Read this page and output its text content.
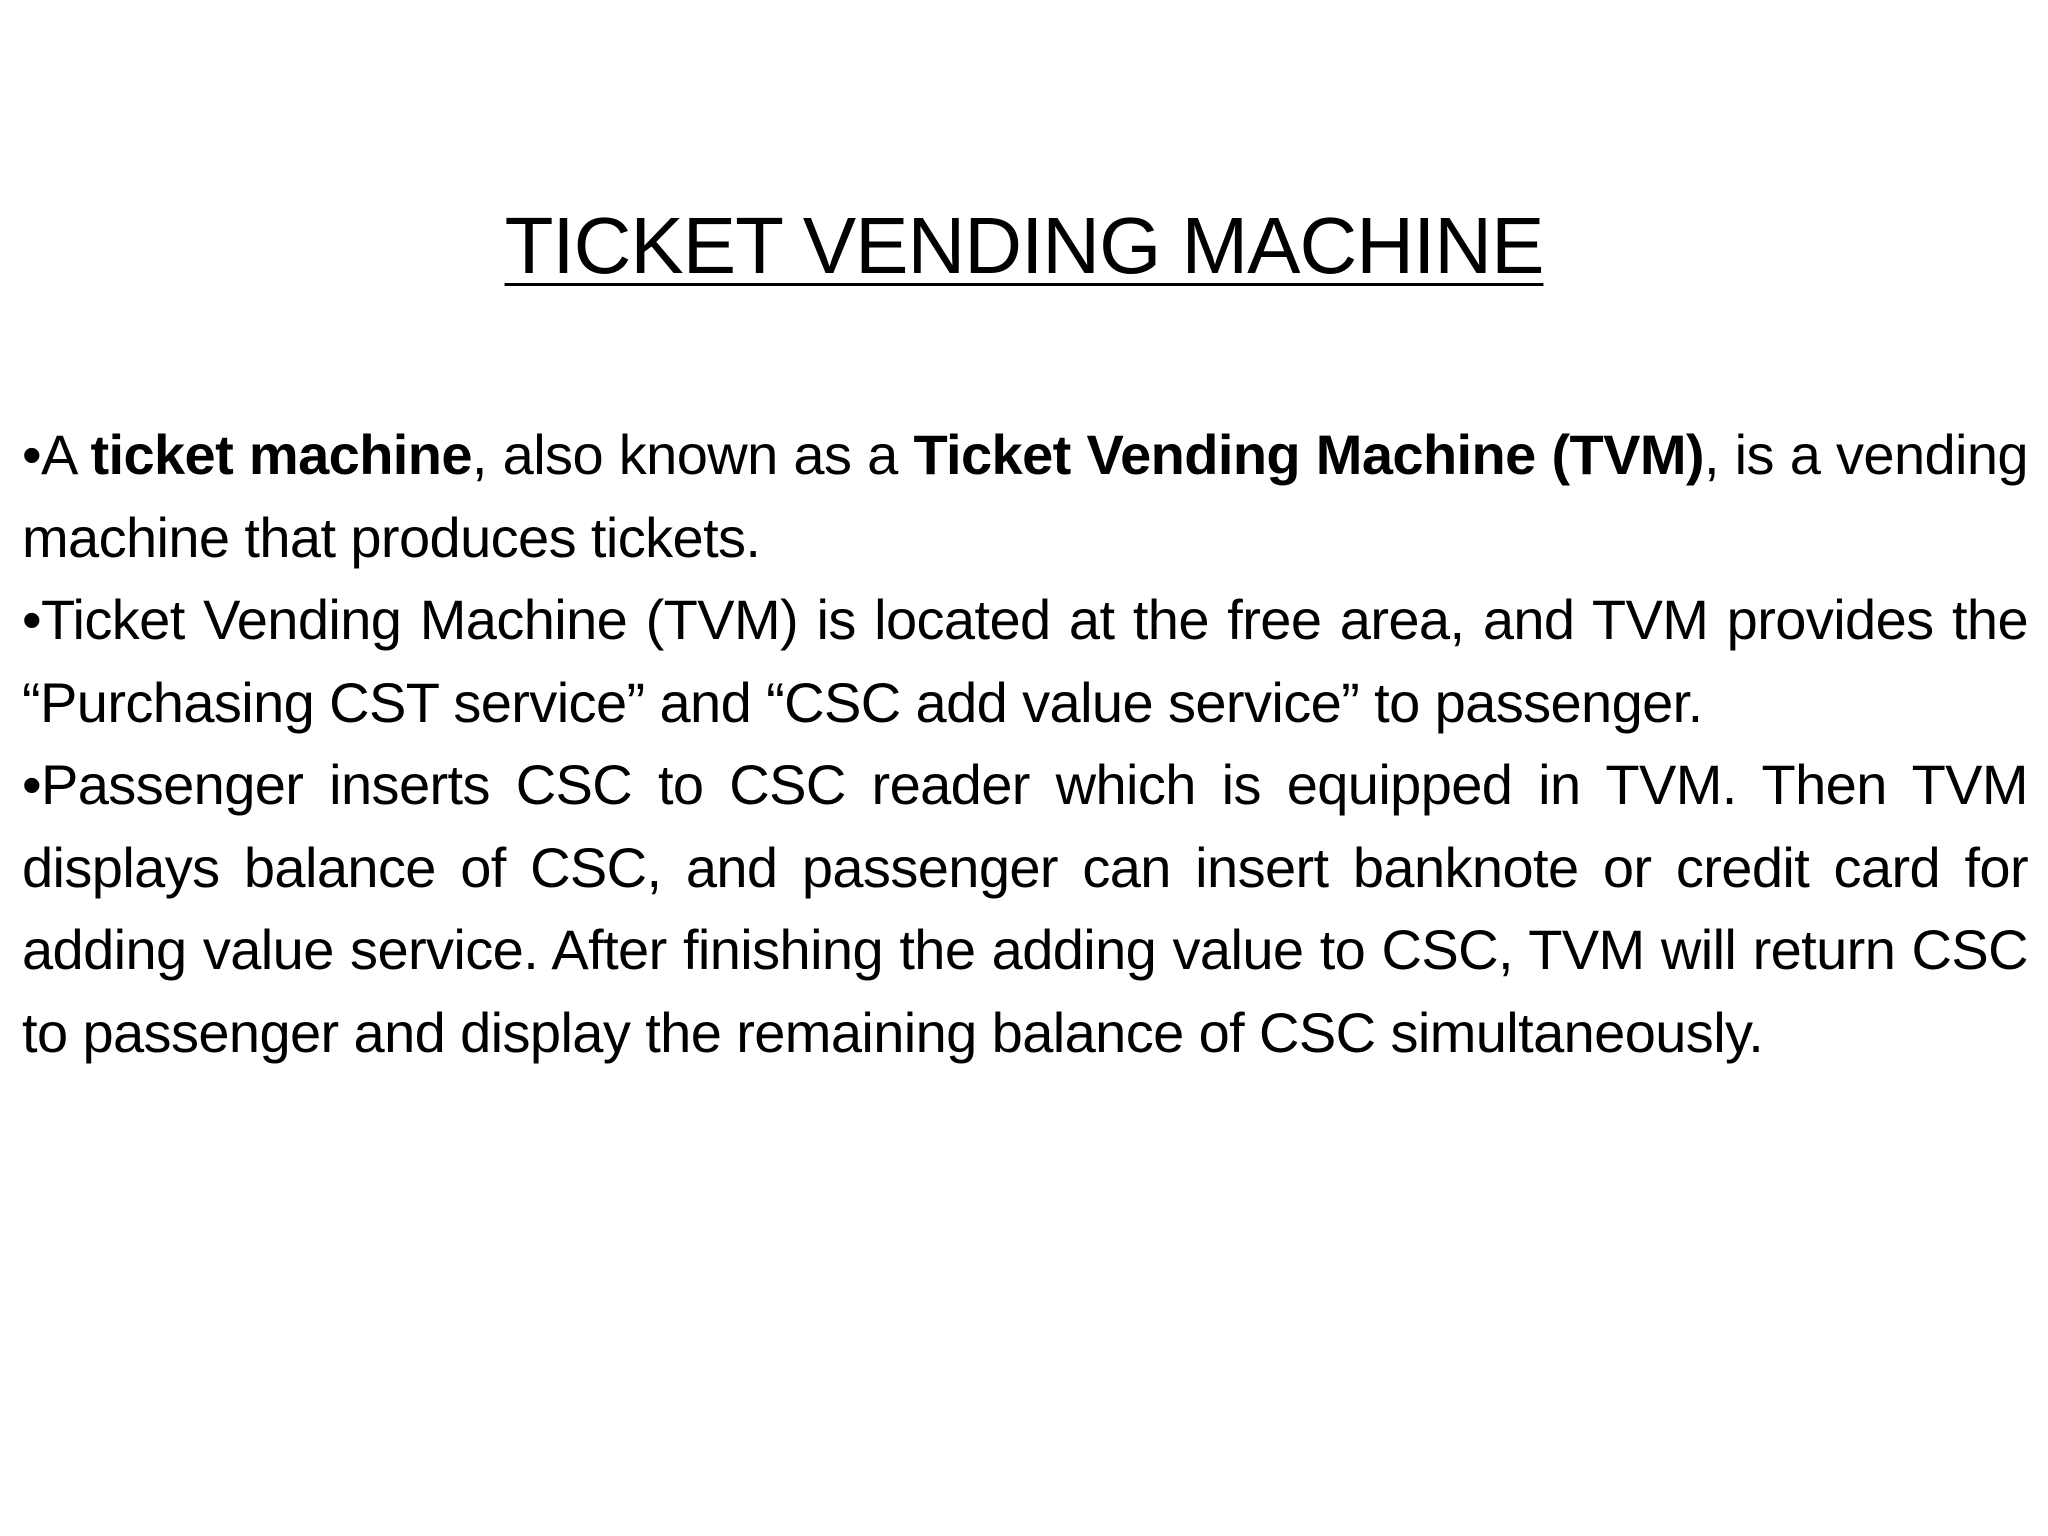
TICKET VENDING MACHINE

•A ticket machine, also known as a Ticket Vending Machine (TVM), is a vending machine that produces tickets.

•Ticket Vending Machine (TVM) is located at the free area, and TVM provides the “Purchasing CST service” and “CSC add value service” to passenger.

•Passenger inserts CSC to CSC reader which is equipped in TVM. Then TVM displays balance of CSC, and passenger can insert banknote or credit card for adding value service. After finishing the adding value to CSC, TVM will return CSC to passenger and display the remaining balance of CSC simultaneously.
